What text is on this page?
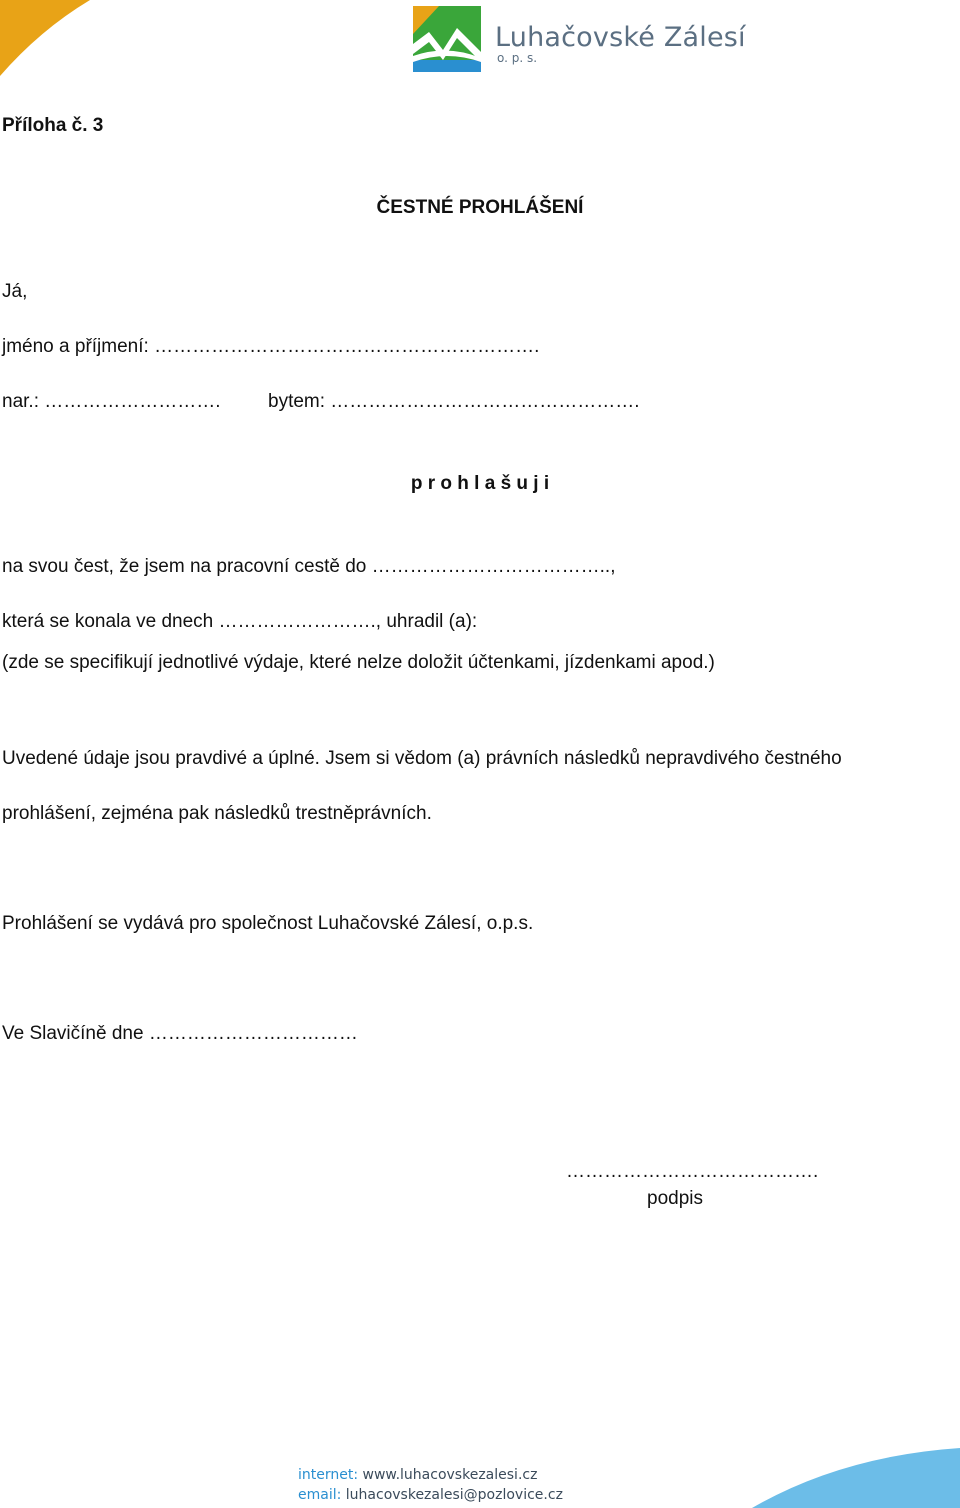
Luhačovské Zálesí
o. p. s.
Příloha č. 3
ČESTNÉ PROHLÁŠENÍ
Já,
jméno a příjmení: …………………………………………………….
nar.: ………………………. bytem: ………………………………………….
p r o h l a š u j i
na svou čest, že jsem na pracovní cestě do ………………………………..,
která se konala ve dnech ……………………., uhradil (a):
(zde se specifikují jednotlivé výdaje, které nelze doložit účtenkami, jízdenkami apod.)
Uvedené údaje jsou pravdivé a úplné. Jsem si vědom (a) právních následků nepravdivého čestného
prohlášení, zejména pak následků trestněprávních.
Prohlášení se vydává pro společnost Luhačovské Zálesí, o.p.s.
Ve Slavičíně dne ……………………………
………………………………….
podpis
internet: www.luhacovskezalesi.cz
email: luhacovskezalesi@pozlovice.cz
